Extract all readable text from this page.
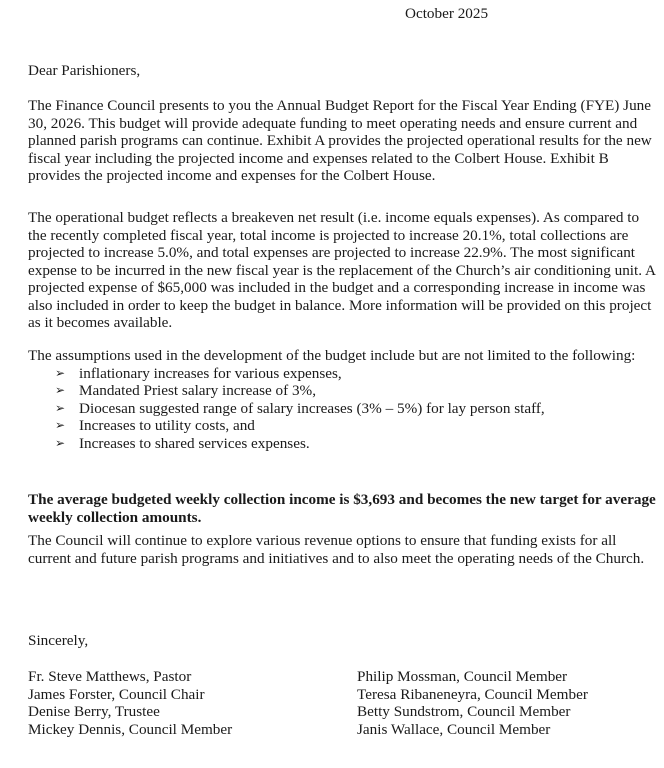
October 2025
Dear Parishioners,

The Finance Council presents to you the Annual Budget Report for the Fiscal Year Ending (FYE) June 30, 2026. This budget will provide adequate funding to meet operating needs and ensure current and planned parish programs can continue. Exhibit A provides the projected operational results for the new fiscal year including the projected income and expenses related to the Colbert House. Exhibit B provides the projected income and expenses for the Colbert House.

The operational budget reflects a breakeven net result (i.e. income equals expenses). As compared to the recently completed fiscal year, total income is projected to increase 20.1%, total collections are projected to increase 5.0%, and total expenses are projected to increase 22.9%. The most significant expense to be incurred in the new fiscal year is the replacement of the Church’s air conditioning unit. A projected expense of $65,000 was included in the budget and a corresponding increase in income was also included in order to keep the budget in balance. More information will be provided on this project as it becomes available.

The assumptions used in the development of the budget include but are not limited to the following:
➢ inflationary increases for various expenses,
➢ Mandated Priest salary increase of 3%,
➢ Diocesan suggested range of salary increases (3% – 5%) for lay person staff,
➢ Increases to utility costs, and
➢ Increases to shared services expenses.

The average budgeted weekly collection income is $3,693 and becomes the new target for average weekly collection amounts.

The Council will continue to explore various revenue options to ensure that funding exists for all current and future parish programs and initiatives and to also meet the operating needs of the Church.

Sincerely,
Fr. Steve Matthews, Pastor
James Forster, Council Chair
Denise Berry, Trustee
Mickey Dennis, Council Member
Philip Mossman, Council Member
Teresa Ribaneneyra, Council Member
Betty Sundstrom, Council Member
Janis Wallace, Council Member
